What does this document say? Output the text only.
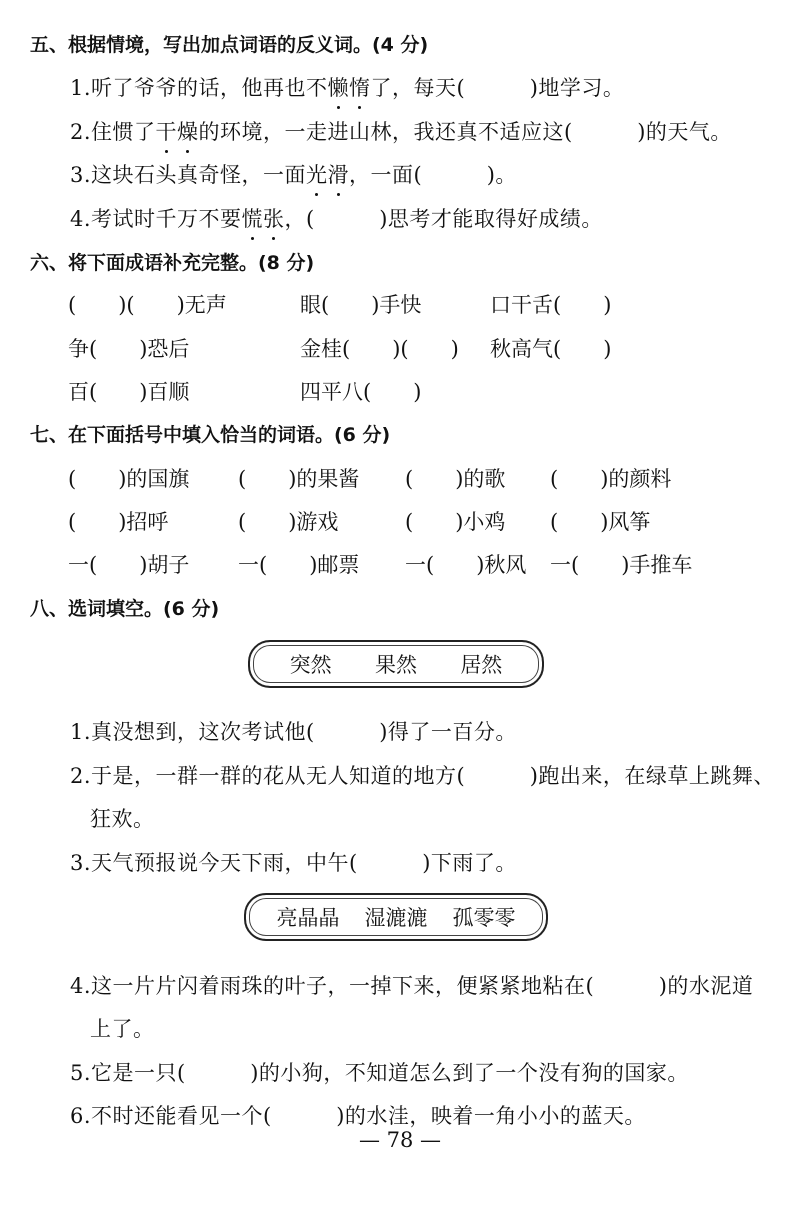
五、根据情境，写出加点词语的反义词。(4 分)
1.听了爷爷的话，他再也不懒惰了，每天(　　　)地学习。
2.住惯了干燥的环境，一走进山林，我还真不适应这(　　　)的天气。
3.这块石头真奇怪，一面光滑，一面(　　　)。
4.考试时千万不要慌张，(　　　)思考才能取得好成绩。
六、将下面成语补充完整。(8 分)
(　　)(　　)无声	眼(　　)手快	口干舌(　　)
争(　　)恐后	金桂(　　)(　　) 秋高气(　　)
百(　　)百顺	四平八(　　)
七、在下面括号中填入恰当的词语。(6 分)
(　　)的国旗 (　　)的果酱 (　　)的歌 (　　)的颜料
(　　)招呼	(　　)游戏	(　　)小鸡 (　　)风筝
一(　　)胡子 一(　　)邮票 一(　　)秋风 一(　　)手推车
八、选词填空。(6 分)
突然 果然 居然
1.真没想到，这次考试他(　　　)得了一百分。
2.于是，一群一群的花从无人知道的地方(　　　)跑出来，在绿草上跳舞、
狂欢。
3.天气预报说今天下雨，中午(　　　)下雨了。
亮晶晶 湿漉漉 孤零零
4.这一片片闪着雨珠的叶子，一掉下来，便紧紧地粘在(　　　)的水泥道
上了。
5.它是一只(　　　)的小狗，不知道怎么到了一个没有狗的国家。
6.不时还能看见一个(　　　)的水洼，映着一角小小的蓝天。
— 78 —
